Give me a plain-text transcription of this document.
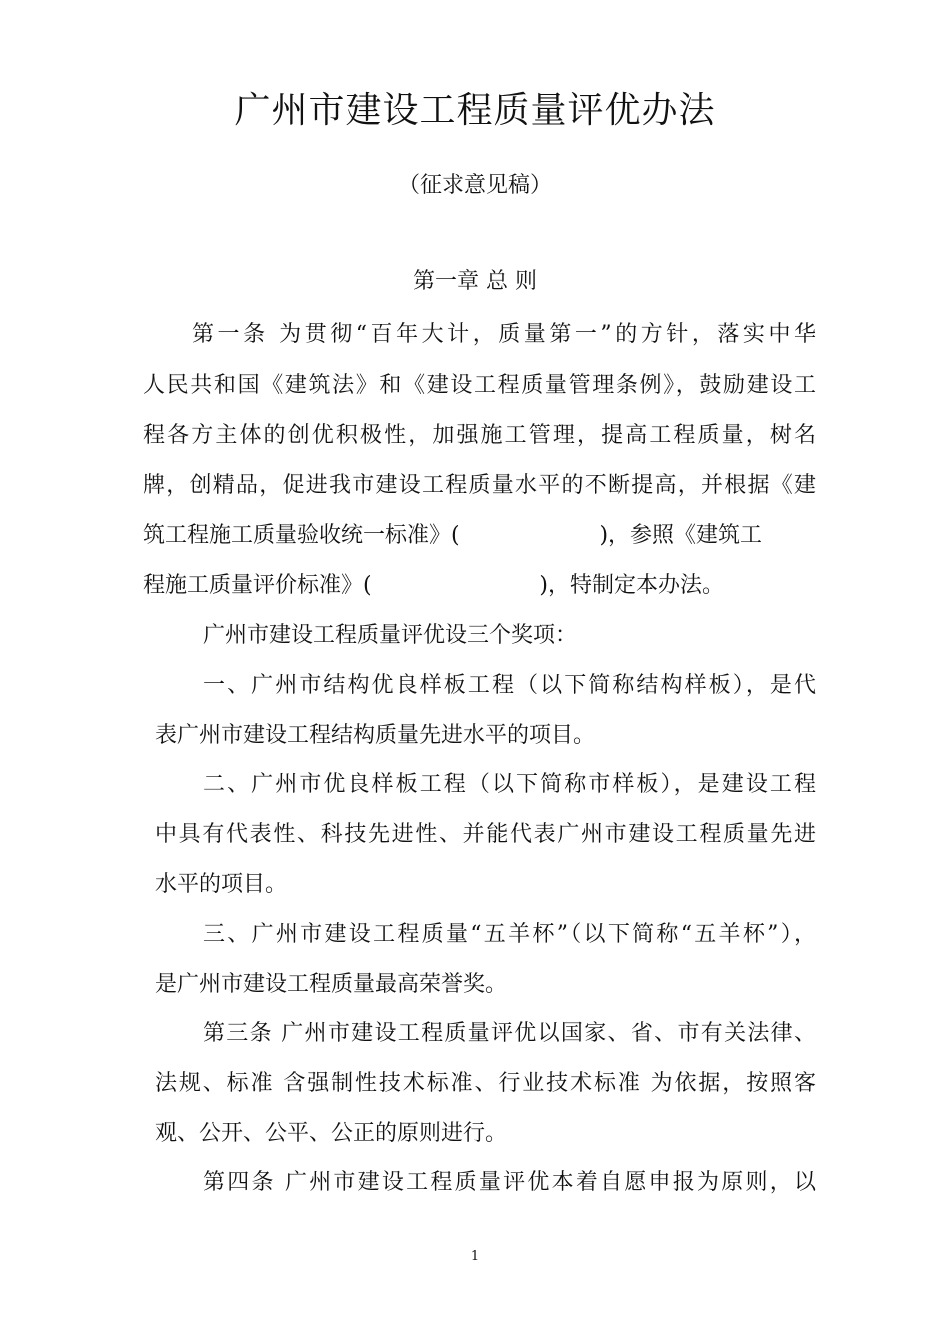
广州市建设工程质量评优办法
（征求意见稿）
第一章 总 则
第一条 为贯彻“百年大计，质量第一”的方针，落实中华
人民共和国《建筑法》和《建设工程质量管理条例》，鼓励建设工
程各方主体的创优积极性，加强施工管理，提高工程质量，树名
牌，创精品，促进我市建设工程质量水平的不断提高，并根据《建
筑工程施工质量验收统一标准》(                    )，参照《建筑工
程施工质量评价标准》(                        )，特制定本办法。
广州市建设工程质量评优设三个奖项：
一、广州市结构优良样板工程（以下简称结构样板），是代
表广州市建设工程结构质量先进水平的项目。
二、广州市优良样板工程（以下简称市样板），是建设工程
中具有代表性、科技先进性、并能代表广州市建设工程质量先进
水平的项目。
三、广州市建设工程质量“五羊杯”（以下简称“五羊杯”），
是广州市建设工程质量最高荣誉奖。
第三条 广州市建设工程质量评优以国家、省、市有关法律、
法规、标准 含强制性技术标准、行业技术标准 为依据，按照客
观、公开、公平、公正的原则进行。
第四条 广州市建设工程质量评优本着自愿申报为原则，以
1
